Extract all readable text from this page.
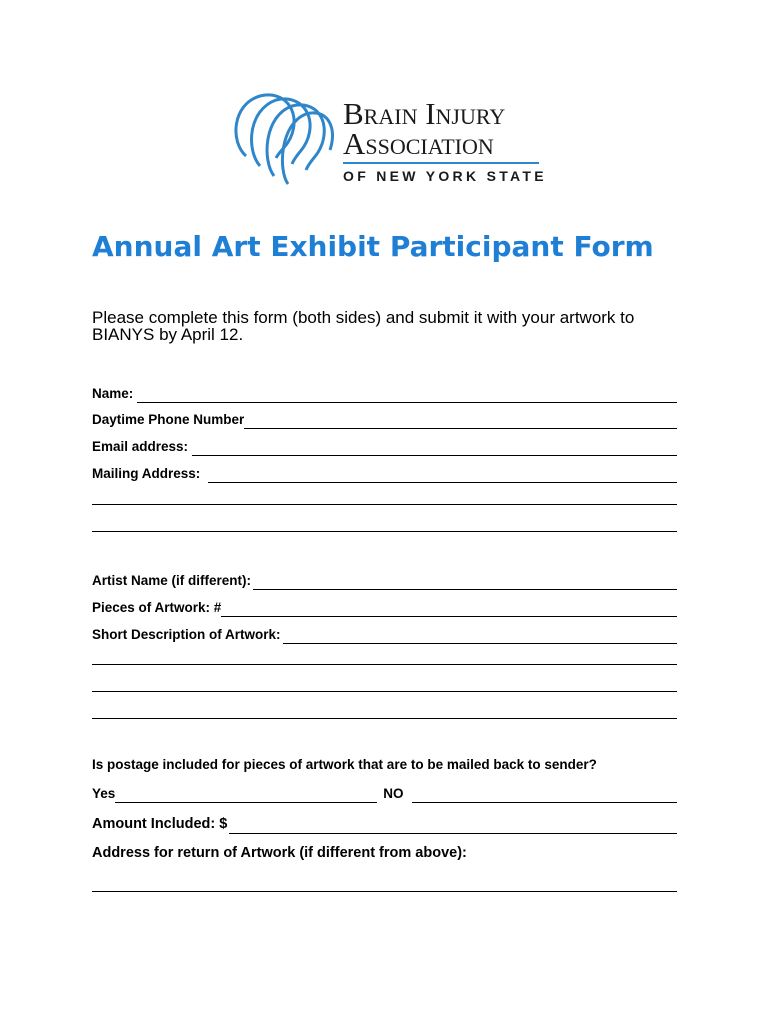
Brain Injury
Association
OF NEW YORK STATE
Annual Art Exhibit Participant Form

Please complete this form (both sides) and submit it with your artwork to BIANYS by April 12.

Name:
Daytime Phone Number
Email address:
Mailing Address:
Artist Name (if different):
Pieces of Artwork: #
Short Description of Artwork:
Is postage included for pieces of artwork that are to be mailed back to sender?
Yes	NO
Amount Included: $
Address for return of Artwork (if different from above):
